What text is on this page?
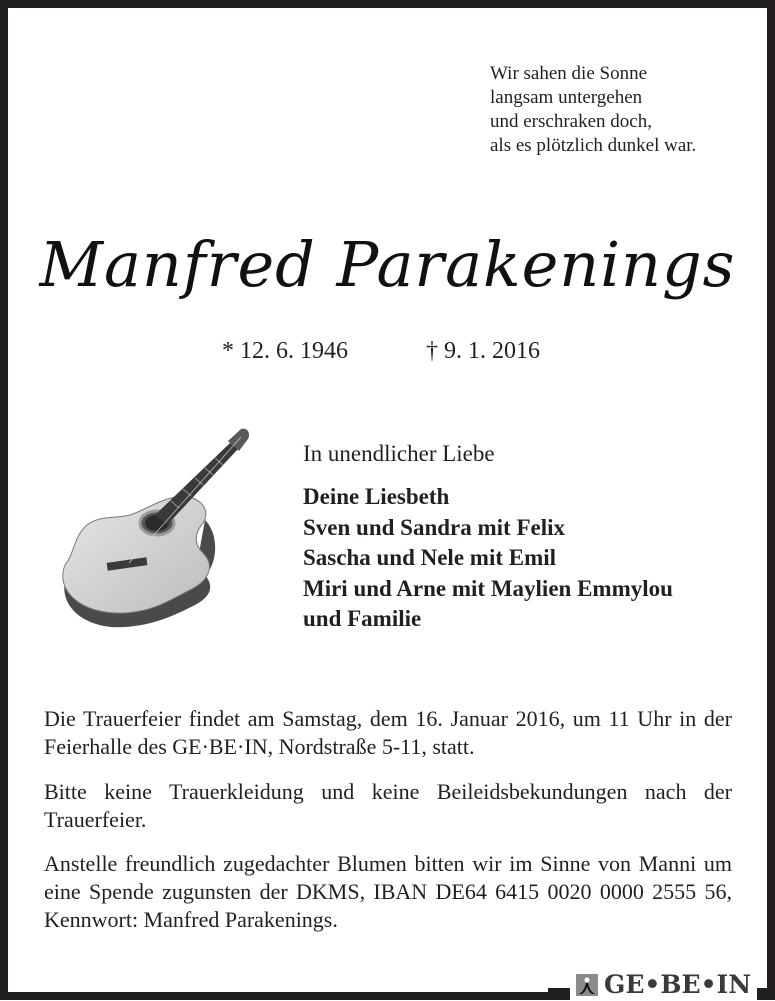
Wir sahen die Sonne
langsam untergehen
und erschraken doch,
als es plötzlich dunkel war.
Manfred Parakenings
* 12. 6. 1946	† 9. 1. 2016
In unendlicher Liebe
Deine Liesbeth
Sven und Sandra mit Felix
Sascha und Nele mit Emil
Miri und Arne mit Maylien Emmylou
und Familie

Die Trauerfeier findet am Samstag, dem 16. Januar 2016, um 11 Uhr in der Feierhalle des GE·BE·IN, Nordstraße 5-11, statt.

Bitte keine Trauerkleidung und keine Beileidsbekundungen nach der Trauerfeier.

Anstelle freundlich zugedachter Blumen bitten wir im Sinne von Manni um eine Spende zugunsten der DKMS, IBAN DE64 6415 0020 0000 2555 56, Kennwort: Manfred Parakenings.

GE•BE•IN
